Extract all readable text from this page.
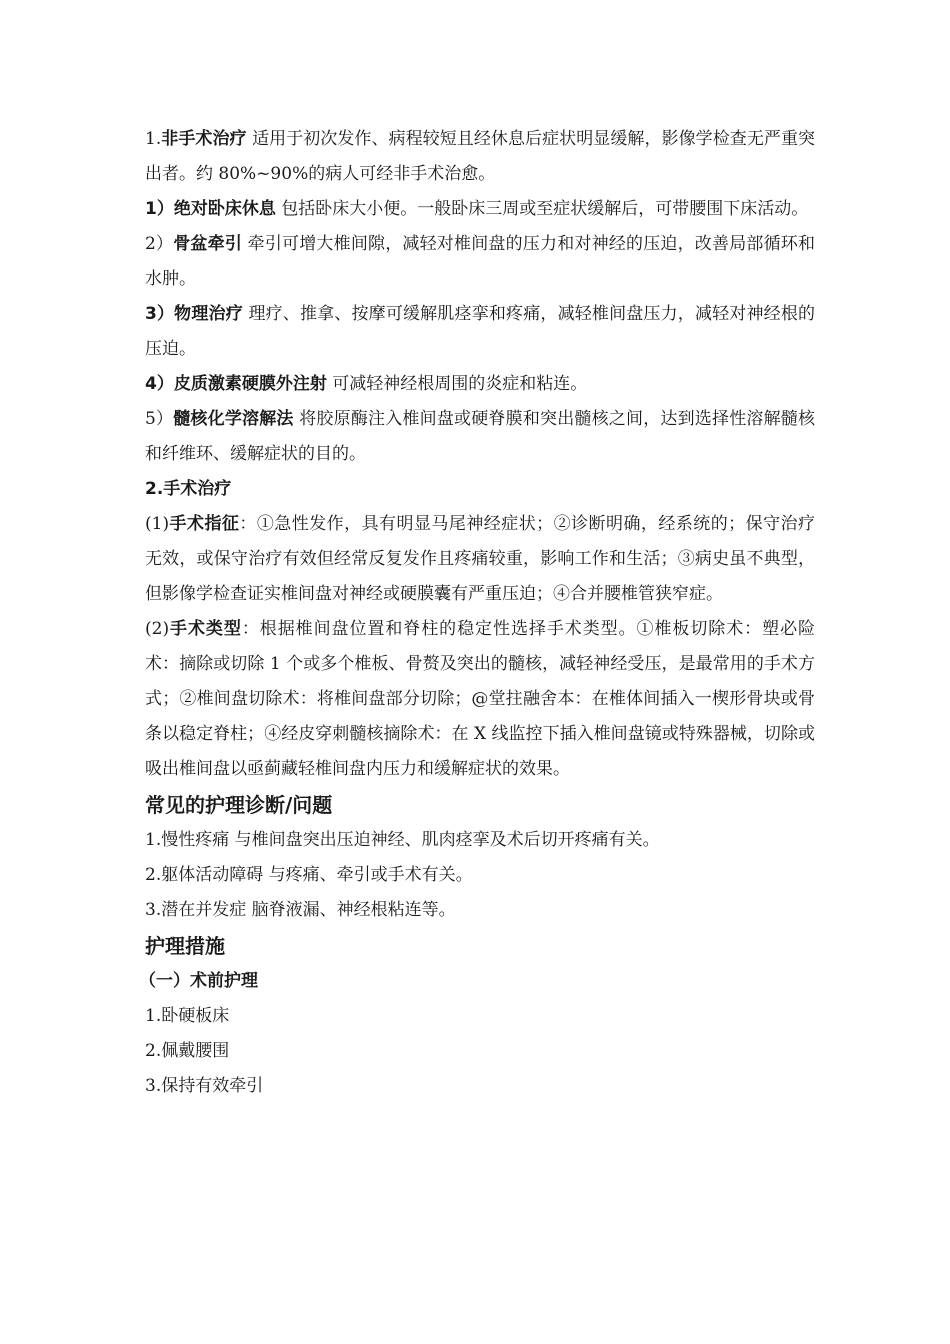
1.非手术治疗 适用于初次发作、病程较短且经休息后症状明显缓解，影像学检查无严重突出者。约 80%~90%的病人可经非手术治愈。

1）绝对卧床休息 包括卧床大小便。一般卧床三周或至症状缓解后，可带腰围下床活动。

2）骨盆牵引 牵引可增大椎间隙，减轻对椎间盘的压力和对神经的压迫，改善局部循环和水肿。

3）物理治疗 理疗、推拿、按摩可缓解肌痉挛和疼痛，减轻椎间盘压力，减轻对神经根的压迫。

4）皮质激素硬膜外注射 可减轻神经根周围的炎症和粘连。

5）髓核化学溶解法 将胶原酶注入椎间盘或硬脊膜和突出髓核之间，达到选择性溶解髓核和纤维环、缓解症状的目的。

2.手术治疗

(1)手术指征：①急性发作，具有明显马尾神经症状；②诊断明确，经系统的；保守治疗无效，或保守治疗有效但经常反复发作且疼痛较重，影响工作和生活；③病史虽不典型，但影像学检查证实椎间盘对神经或硬膜囊有严重压迫；④合并腰椎管狭窄症。

(2)手术类型：根据椎间盘位置和脊柱的稳定性选择手术类型。①椎板切除术：塑必险术：摘除或切除 1 个或多个椎板、骨赘及突出的髓核，减轻神经受压，是最常用的手术方式；②椎间盘切除术：将椎间盘部分切除；@堂拄融舍本：在椎体间插入一楔形骨块或骨条以稳定脊柱；④经皮穿刺髓核摘除术：在 X 线监控下插入椎间盘镜或特殊器械，切除或吸出椎间盘以亟蓟藏轻椎间盘内压力和缓解症状的效果。

常见的护理诊断/问题

1.慢性疼痛 与椎间盘突出压迫神经、肌肉痉挛及术后切开疼痛有关。

2.躯体活动障碍 与疼痛、牵引或手术有关。

3.潜在并发症 脑脊液漏、神经根粘连等。

护理措施

（一）术前护理

1.卧硬板床

2.佩戴腰围

3.保持有效牵引
